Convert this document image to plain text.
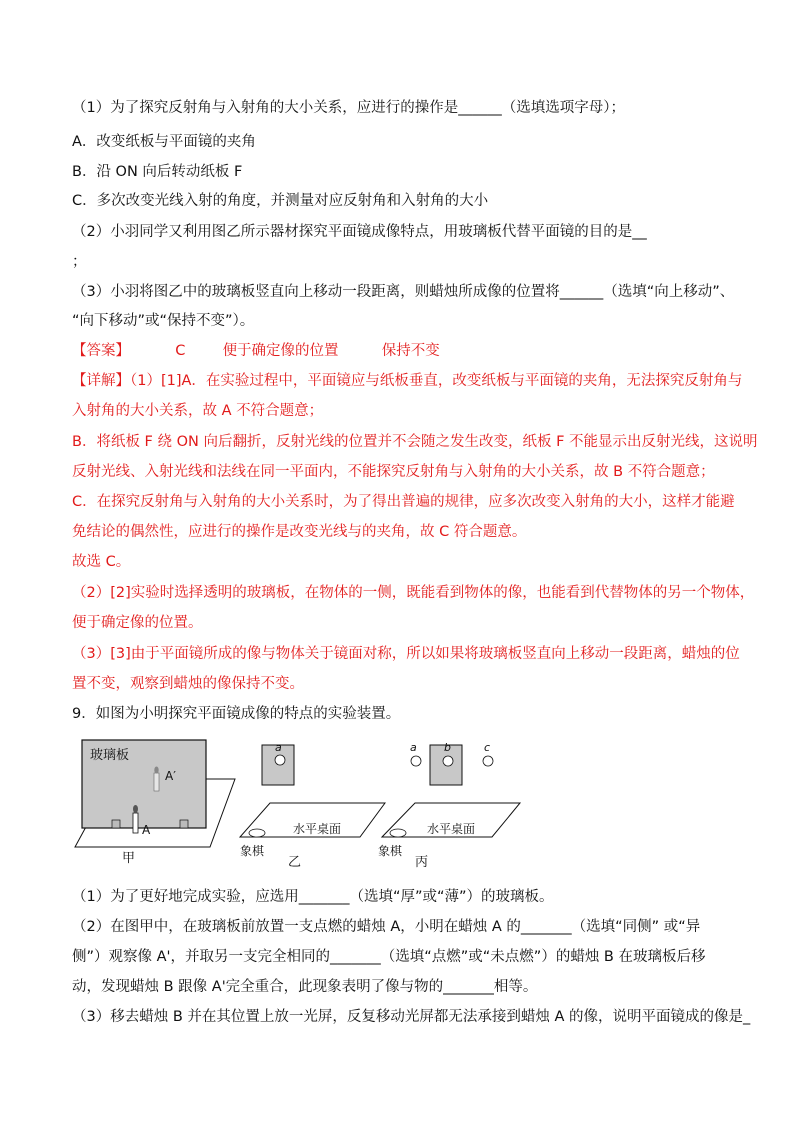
（1）为了探究反射角与入射角的大小关系，应进行的操作是______（选填选项字母）；
A．改变纸板与平面镜的夹角
B．沿 ON 向后转动纸板 F
C．多次改变光线入射的角度，并测量对应反射角和入射角的大小
（2）小羽同学又利用图乙所示器材探究平面镜成像特点，用玻璃板代替平面镜的目的是__
；
（3）小羽将图乙中的玻璃板竖直向上移动一段距离，则蜡烛所成像的位置将______（选填“向上移动”、
“向下移动”或“保持不变”）。
【答案】	C	便于确定像的位置	保持不变
【详解】（1）[1]A．在实验过程中，平面镜应与纸板垂直，改变纸板与平面镜的夹角，无法探究反射角与
入射角的大小关系，故 A 不符合题意；
B．将纸板 F 绕 ON 向后翻折，反射光线的位置并不会随之发生改变，纸板 F 不能显示出反射光线，这说明
反射光线、入射光线和法线在同一平面内，不能探究反射角与入射角的大小关系，故 B 不符合题意；
C．在探究反射角与入射角的大小关系时，为了得出普遍的规律，应多次改变入射角的大小，这样才能避
免结论的偶然性，应进行的操作是改变光线与的夹角，故 C 符合题意。
故选 C。
（2）[2]实验时选择透明的玻璃板，在物体的一侧，既能看到物体的像，也能看到代替物体的另一个物体，
便于确定像的位置。
（3）[3]由于平面镜所成的像与物体关于镜面对称，所以如果将玻璃板竖直向上移动一段距离，蜡烛的位
置不变，观察到蜡烛的像保持不变。
9．如图为小明探究平面镜成像的特点的实验装置。
玻璃板
A′
A
甲
a
水平桌面
象棋
乙
a b	c
水平桌面
象棋
丙
（1）为了更好地完成实验，应选用_______（选填“厚”或“薄”）的玻璃板。
（2）在图甲中，在玻璃板前放置一支点燃的蜡烛 A，小明在蜡烛 A 的_______（选填“同侧” 或“异
侧”）观察像 A'，并取另一支完全相同的_______（选填“点燃”或“未点燃”）的蜡烛 B 在玻璃板后移
动，发现蜡烛 B 跟像 A'完全重合，此现象表明了像与物的_______相等。
（3）移去蜡烛 B 并在其位置上放一光屏，反复移动光屏都无法承接到蜡烛 A 的像，说明平面镜成的像是_
